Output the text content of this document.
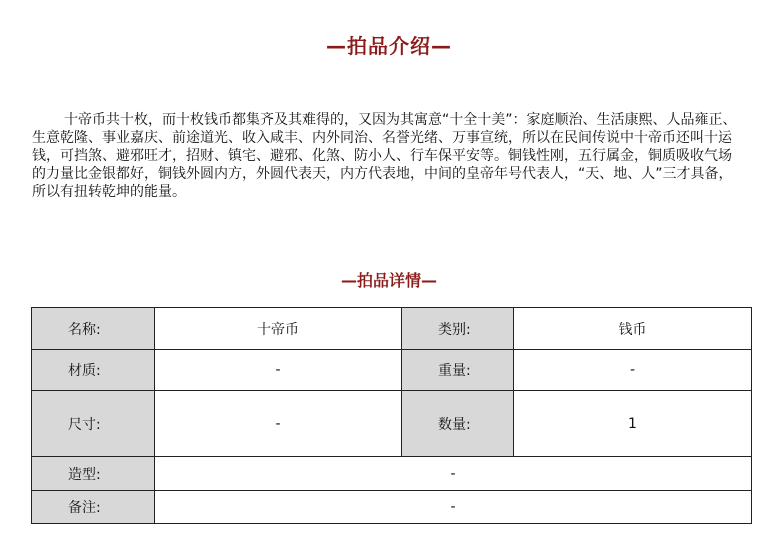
—拍品介绍—

十帝币共十枚，而十枚钱币都集齐及其难得的，又因为其寓意“十全十美”：家庭顺治、生活康熙、人品雍正、生意乾隆、事业嘉庆、前途道光、收入咸丰、内外同治、名誉光绪、万事宣统，所以在民间传说中十帝币还叫十运钱，可挡煞、避邪旺才，招财、镇宅、避邪、化煞、防小人、行车保平安等。铜钱性刚，五行属金，铜质吸收气场的力量比金银都好，铜钱外圆内方，外圆代表天，内方代表地，中间的皇帝年号代表人，“天、地、人”三才具备，所以有扭转乾坤的能量。

—拍品详情—
名称:	十帝币	类别:	钱币
材质:	-	重量:	-
尺寸:	-	数量:	1
造型:	-		
备注:	-		
